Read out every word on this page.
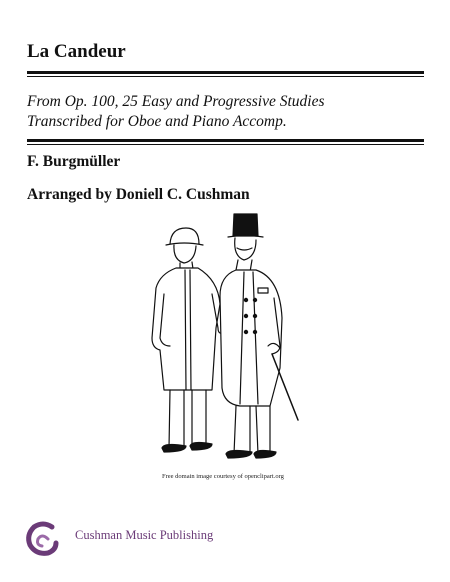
La Candeur
From Op. 100, 25 Easy and Progressive Studies
Transcribed for Oboe and Piano Accomp.
F. Burgmüller
Arranged by Doniell C. Cushman
Free domain image courtesy of openclipart.org
Cushman Music Publishing
